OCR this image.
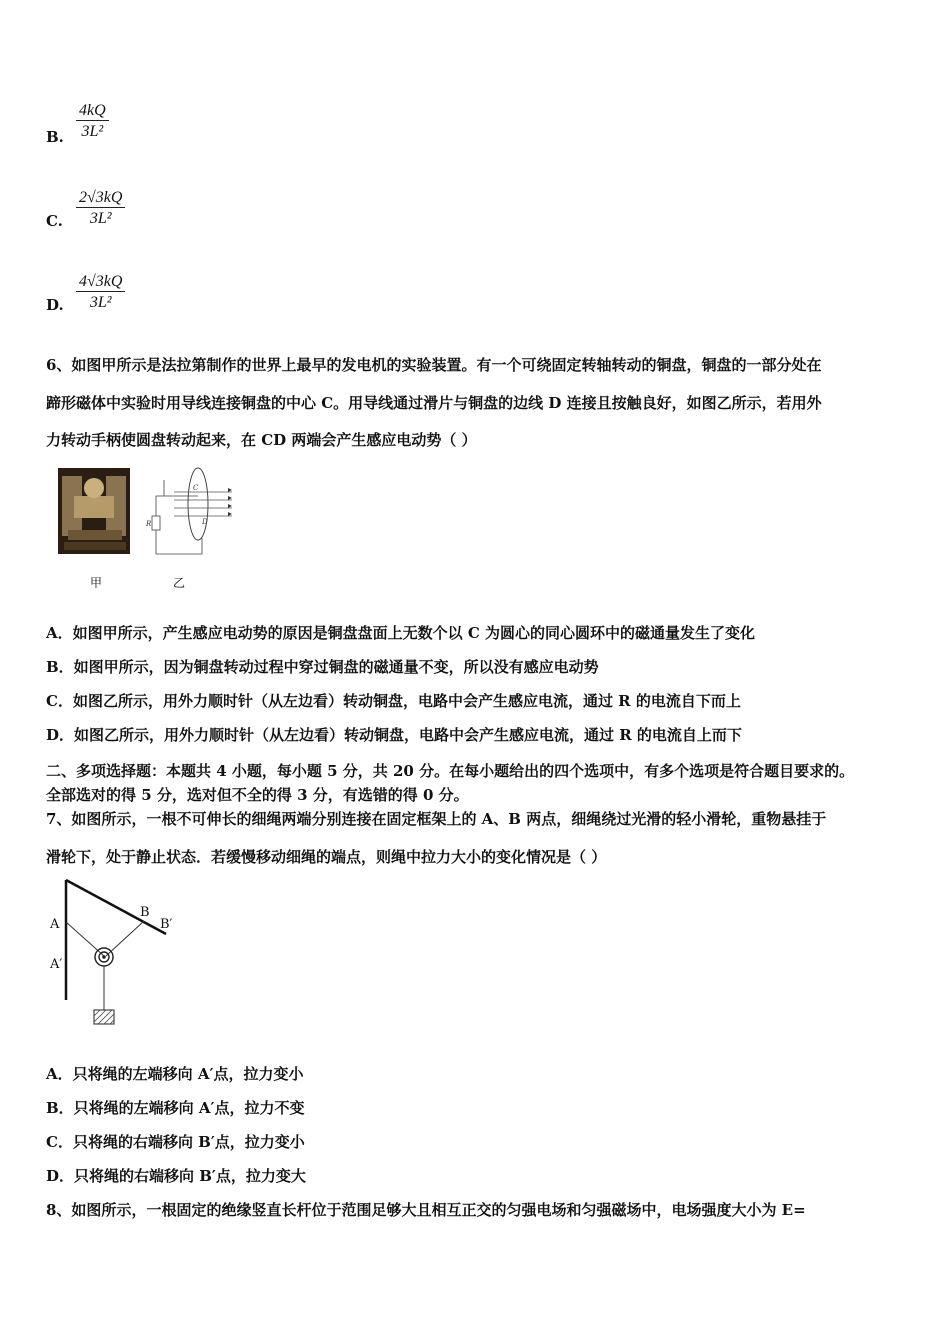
B. $\frac{4kQ}{\text{3L²}}$
C. $\frac{2√3kQ}{\text{3L²}}$
D. $\frac{4√3kQ}{\text{3L²}}$
6、如图甲所示是法拉第制作的世界上最早的发电机的实验装置。有一个可绕固定转轴转动的铜盘，铜盘的一部分处在
蹄形磁体中实验时用导线连接铜盘的中心 C。用导线通过滑片与铜盘的边线 D 连接且按触良好，如图乙所示，若用外
力转动手柄使圆盘转动起来，在 CD 两端会产生感应电动势（ ）
甲
C
D
R
乙
A．如图甲所示，产生感应电动势的原因是铜盘盘面上无数个以 C 为圆心的同心圆环中的磁通量发生了变化
B．如图甲所示，因为铜盘转动过程中穿过铜盘的磁通量不变，所以没有感应电动势
C．如图乙所示，用外力顺时针（从左边看）转动铜盘，电路中会产生感应电流，通过 R 的电流自下而上
D．如图乙所示，用外力顺时针（从左边看）转动铜盘，电路中会产生感应电流，通过 R 的电流自上而下
二、多项选择题：本题共 4 小题，每小题 5 分，共 20 分。在每小题给出的四个选项中，有多个选项是符合题目要求的。
全部选对的得 5 分，选对但不全的得 3 分，有选错的得 0 分。
7、如图所示，一根不可伸长的细绳两端分别连接在固定框架上的 A、B 两点，细绳绕过光滑的轻小滑轮，重物悬挂于
滑轮下，处于静止状态．若缓慢移动细绳的端点，则绳中拉力大小的变化情况是（ ）
A
A′
B
B′
A．只将绳的左端移向 A′点，拉力变小
B．只将绳的左端移向 A′点，拉力不变
C．只将绳的右端移向 B′点，拉力变小
D．只将绳的右端移向 B′点，拉力变大
8、如图所示，一根固定的绝缘竖直长杆位于范围足够大且相互正交的匀强电场和匀强磁场中，电场强度大小为 E=
